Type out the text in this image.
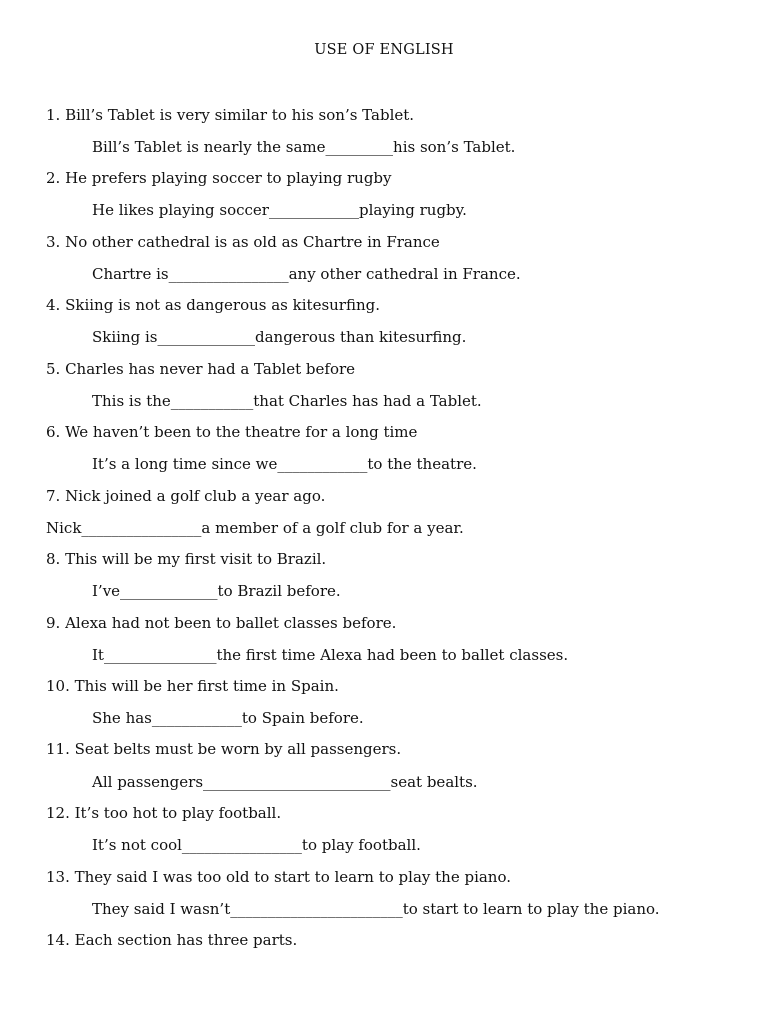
USE OF ENGLISH
1. Bill’s Tablet is very similar to his son’s Tablet.
Bill’s Tablet is nearly the same_________his son’s Tablet.
2. He prefers playing soccer to playing rugby
He likes playing soccer____________playing rugby.
3. No other cathedral is as old as Chartre in France
Chartre is________________any other cathedral in France.
4. Skiing is not as dangerous as kitesurfing.
Skiing is_____________dangerous than kitesurfing.
5. Charles has never had a Tablet before
This is the___________that Charles has had a Tablet.
6. We haven’t been to the theatre for a long time
It’s a long time since we____________to the theatre.
7. Nick joined a golf club a year ago.
Nick________________a member of a golf club for a year.
8. This will be my first visit to Brazil.
I’ve_____________to Brazil before.
9. Alexa had not been to ballet classes before.
It_______________the first time Alexa had been to ballet classes.
10. This will be her first time in Spain.
She has____________to Spain before.
11. Seat belts must be worn by all passengers.
All passengers_________________________seat bealts.
12. It’s too hot to play football.
It’s not cool________________to play football.
13. They said I was too old to start to learn to play the piano.
They said I wasn’t_______________________to start to learn to play the piano.
14. Each section has three parts.
